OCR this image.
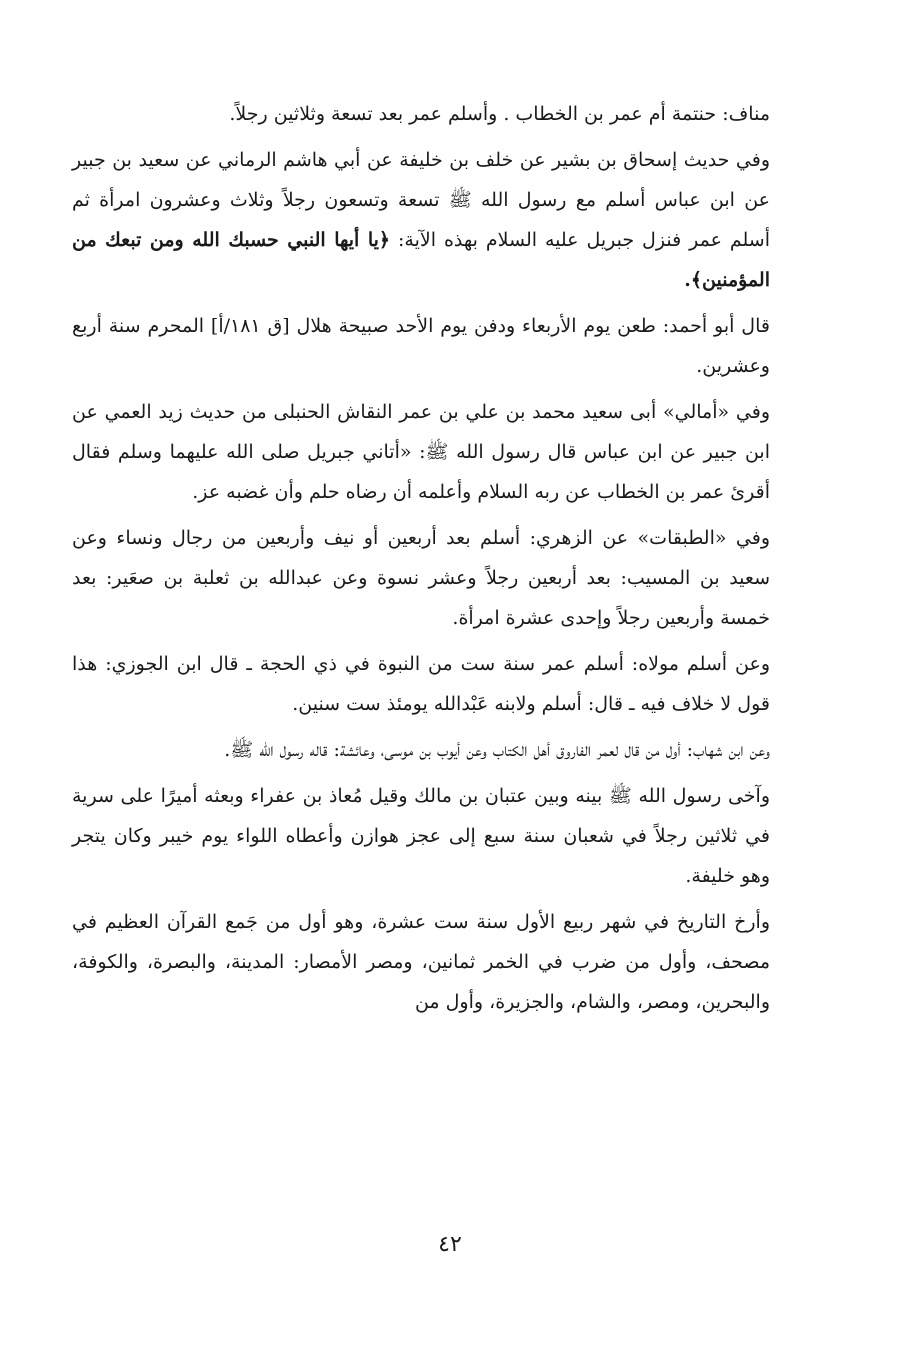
مناف: حنتمة أم عمر بن الخطاب . وأسلم عمر بعد تسعة وثلاثين رجلاً.

وفي حديث إسحاق بن بشير عن خلف بن خليفة عن أبي هاشم الرماني عن سعيد بن جبير عن ابن عباس أسلم مع رسول الله ﷺ تسعة وتسعون رجلاً وثلاث وعشرون امرأة ثم أسلم عمر فنزل جبريل عليه السلام بهذه الآية: ﴿يا أيها النبي حسبك الله ومن تبعك من المؤمنين﴾.

قال أبو أحمد: طعن يوم الأربعاء ودفن يوم الأحد صبيحة هلال [ق ١٨١/أ] المحرم سنة أربع وعشرين.

وفي «أمالي» أبى سعيد محمد بن علي بن عمر النقاش الحنبلى من حديث زيد العمي عن ابن جبير عن ابن عباس قال رسول الله ﷺ: «أتاني جبريل صلى الله عليهما وسلم فقال أقرئ عمر بن الخطاب عن ربه السلام وأعلمه أن رضاه حلم وأن غضبه عز.

وفي «الطبقات» عن الزهري: أسلم بعد أربعين أو نيف وأربعين من رجال ونساء وعن سعيد بن المسيب: بعد أربعين رجلاً وعشر نسوة وعن عبدالله بن ثعلبة بن صعَير: بعد خمسة وأربعين رجلاً وإحدى عشرة امرأة.

وعن أسلم مولاه: أسلم عمر سنة ست من النبوة في ذي الحجة ـ قال ابن الجوزي: هذا قول لا خلاف فيه ـ قال: أسلم ولابنه عَبْدالله يومئذ ست سنين.

وعن ابن شهاب: أول من قال لعمر الفاروق أهل الكتاب وعن أيوب بن موسى، وعائشة: قاله رسول الله ﷺ.

وآخى رسول الله ﷺ بينه وبين عتبان بن مالك وقيل مُعاذ بن عفراء وبعثه أميرًا على سرية في ثلاثين رجلاً في شعبان سنة سبع إلى عجز هوازن وأعطاه اللواء يوم خيبر وكان يتجر وهو خليفة.

وأرخ التاريخ في شهر ربيع الأول سنة ست عشرة، وهو أول من جَمع القرآن العظيم في مصحف، وأول من ضرب في الخمر ثمانين، ومصر الأمصار: المدينة، والبصرة، والكوفة، والبحرين، ومصر، والشام، والجزيرة، وأول من

٤٢
